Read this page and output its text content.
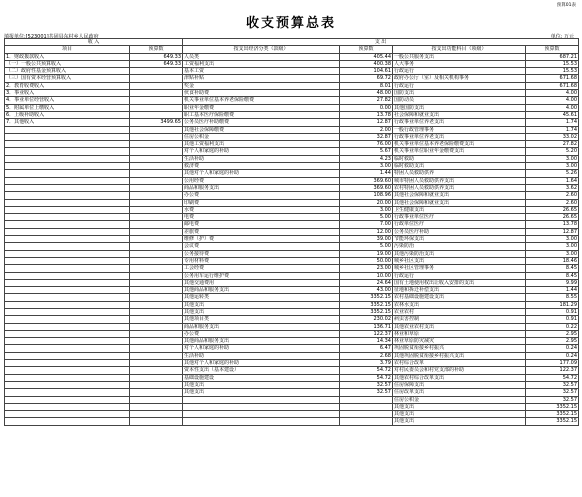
预算01表
收支预算总表
填报单位:[523001]共固县东村乡人民政府	单位: 万元
收 入		支 出			
项目	预算数	按支出经济分类（款级）	预算数	按支出功能科目（项级）	预算数
1．财政拨款收入	649.33	人员类	405.44	一般公共服务支出	687.21
（一）一般公共预算收入	649.33	工资福利支出	400.38	人大事务	15.53
（二）政府性基金预算收入		基本工资	104.61	行政运行	15.53
（三）国有资本经营预算收入		津贴补贴	69.72	政府办公厅（室）及相关机构事务	671.68
2．教育收费收入		奖金	8.01	行政运行	671.68
3．事业收入		伙食补助费	48.00	国防支出	4.00
4．事业单位经营收入		机关事业单位基本养老保险缴费	27.82	国防动员	4.00
5．附属单位上缴收入		职业年金缴费	0.00	其他国防支出	4.00
6．上级补助收入		职工基本医疗保险缴费	13.78	社会保障和就业支出	45.61
7．其他收入	3499.65	公务员医疗补助缴费	12.87	行政事业单位养老支出	1.74
		其他社会保障缴费	2.00	一般行政管理事务	1.74
		住房公积金	32.87	行政事业单位养老支出	33.02
		其他工资福利支出	76.00	机关事业单位基本养老保险缴费支出	27.82
		对个人和家庭的补助	5.67	机关事业单位职业年金缴费支出	5.20
		生活补助	4.23	临时救助	3.00
		救济费	3.00	临时救助支出	3.00
		其他对个人和家庭的补助	1.44	特困人员救助供养	5.26
		公用经费	369.60	城市特困人员救助供养支出	1.64
		商品和服务支出	369.60	农村特困人员救助供养支出	3.62
		办公费	108.96	其他社会保障和就业支出	2.60
		印刷费	20.00	其他社会保障和就业支出	2.60
		水费	3.00	卫生健康支出	26.65
		电费	5.00	行政事业单位医疗	26.65
		邮电费	7.00	行政单位医疗	13.78
		差旅费	12.00	公务员医疗补助	12.87
		维修（护）费	39.00	节能环保支出	3.00
		会议费	5.00	污染防治	3.00
		公务接待费	19.00	其他污染防治支出	3.00
		专用材料费	50.00	城乡社区支出	18.46
		工会经费	23.00	城乡社区管理事务	8.45
		公务用车运行维护费	10.00	行政运行	8.45
		其他交通费用	24.64	国有土地使用权出让收入安排的支出	9.99
		其他商品和服务支出	43.00	征地和拆迁补偿支出	1.44
		其他运转类	3352.15	农村基础设施建设支出	8.55
		其他支出	3352.15	农林水支出	181.29
		其他支出	3352.15	农业农村	0.91
		其他项目类	230.02	病虫害控制	0.91
		商品和服务支出	136.71	其他农业农村支出	0.22
		办公费	122.37	林业和草原	2.95
		其他商品和服务支出	14.34	林业草原防灾减灾	2.95
		对个人和家庭的补助	6.47	巩固脱贫衔接乡村振兴	0.24
		生活补助	2.68	其他巩固脱贫衔接乡村振兴支出	0.24
		其他对个人和家庭的补助	3.79	农村综合改革	177.09
		资本性支出（基本建设）	54.72	对村民委员会和村党支部的补助	122.37
		基础设施建设	54.72	其他农村综合改革支出	54.72
		其他支出	32.57	住房保障支出	32.57
		其他支出	32.57	住房改革支出	32.57
				住房公积金	32.57
				其他支出	3352.15
				其他支出	3352.15
				其他支出	3352.15
